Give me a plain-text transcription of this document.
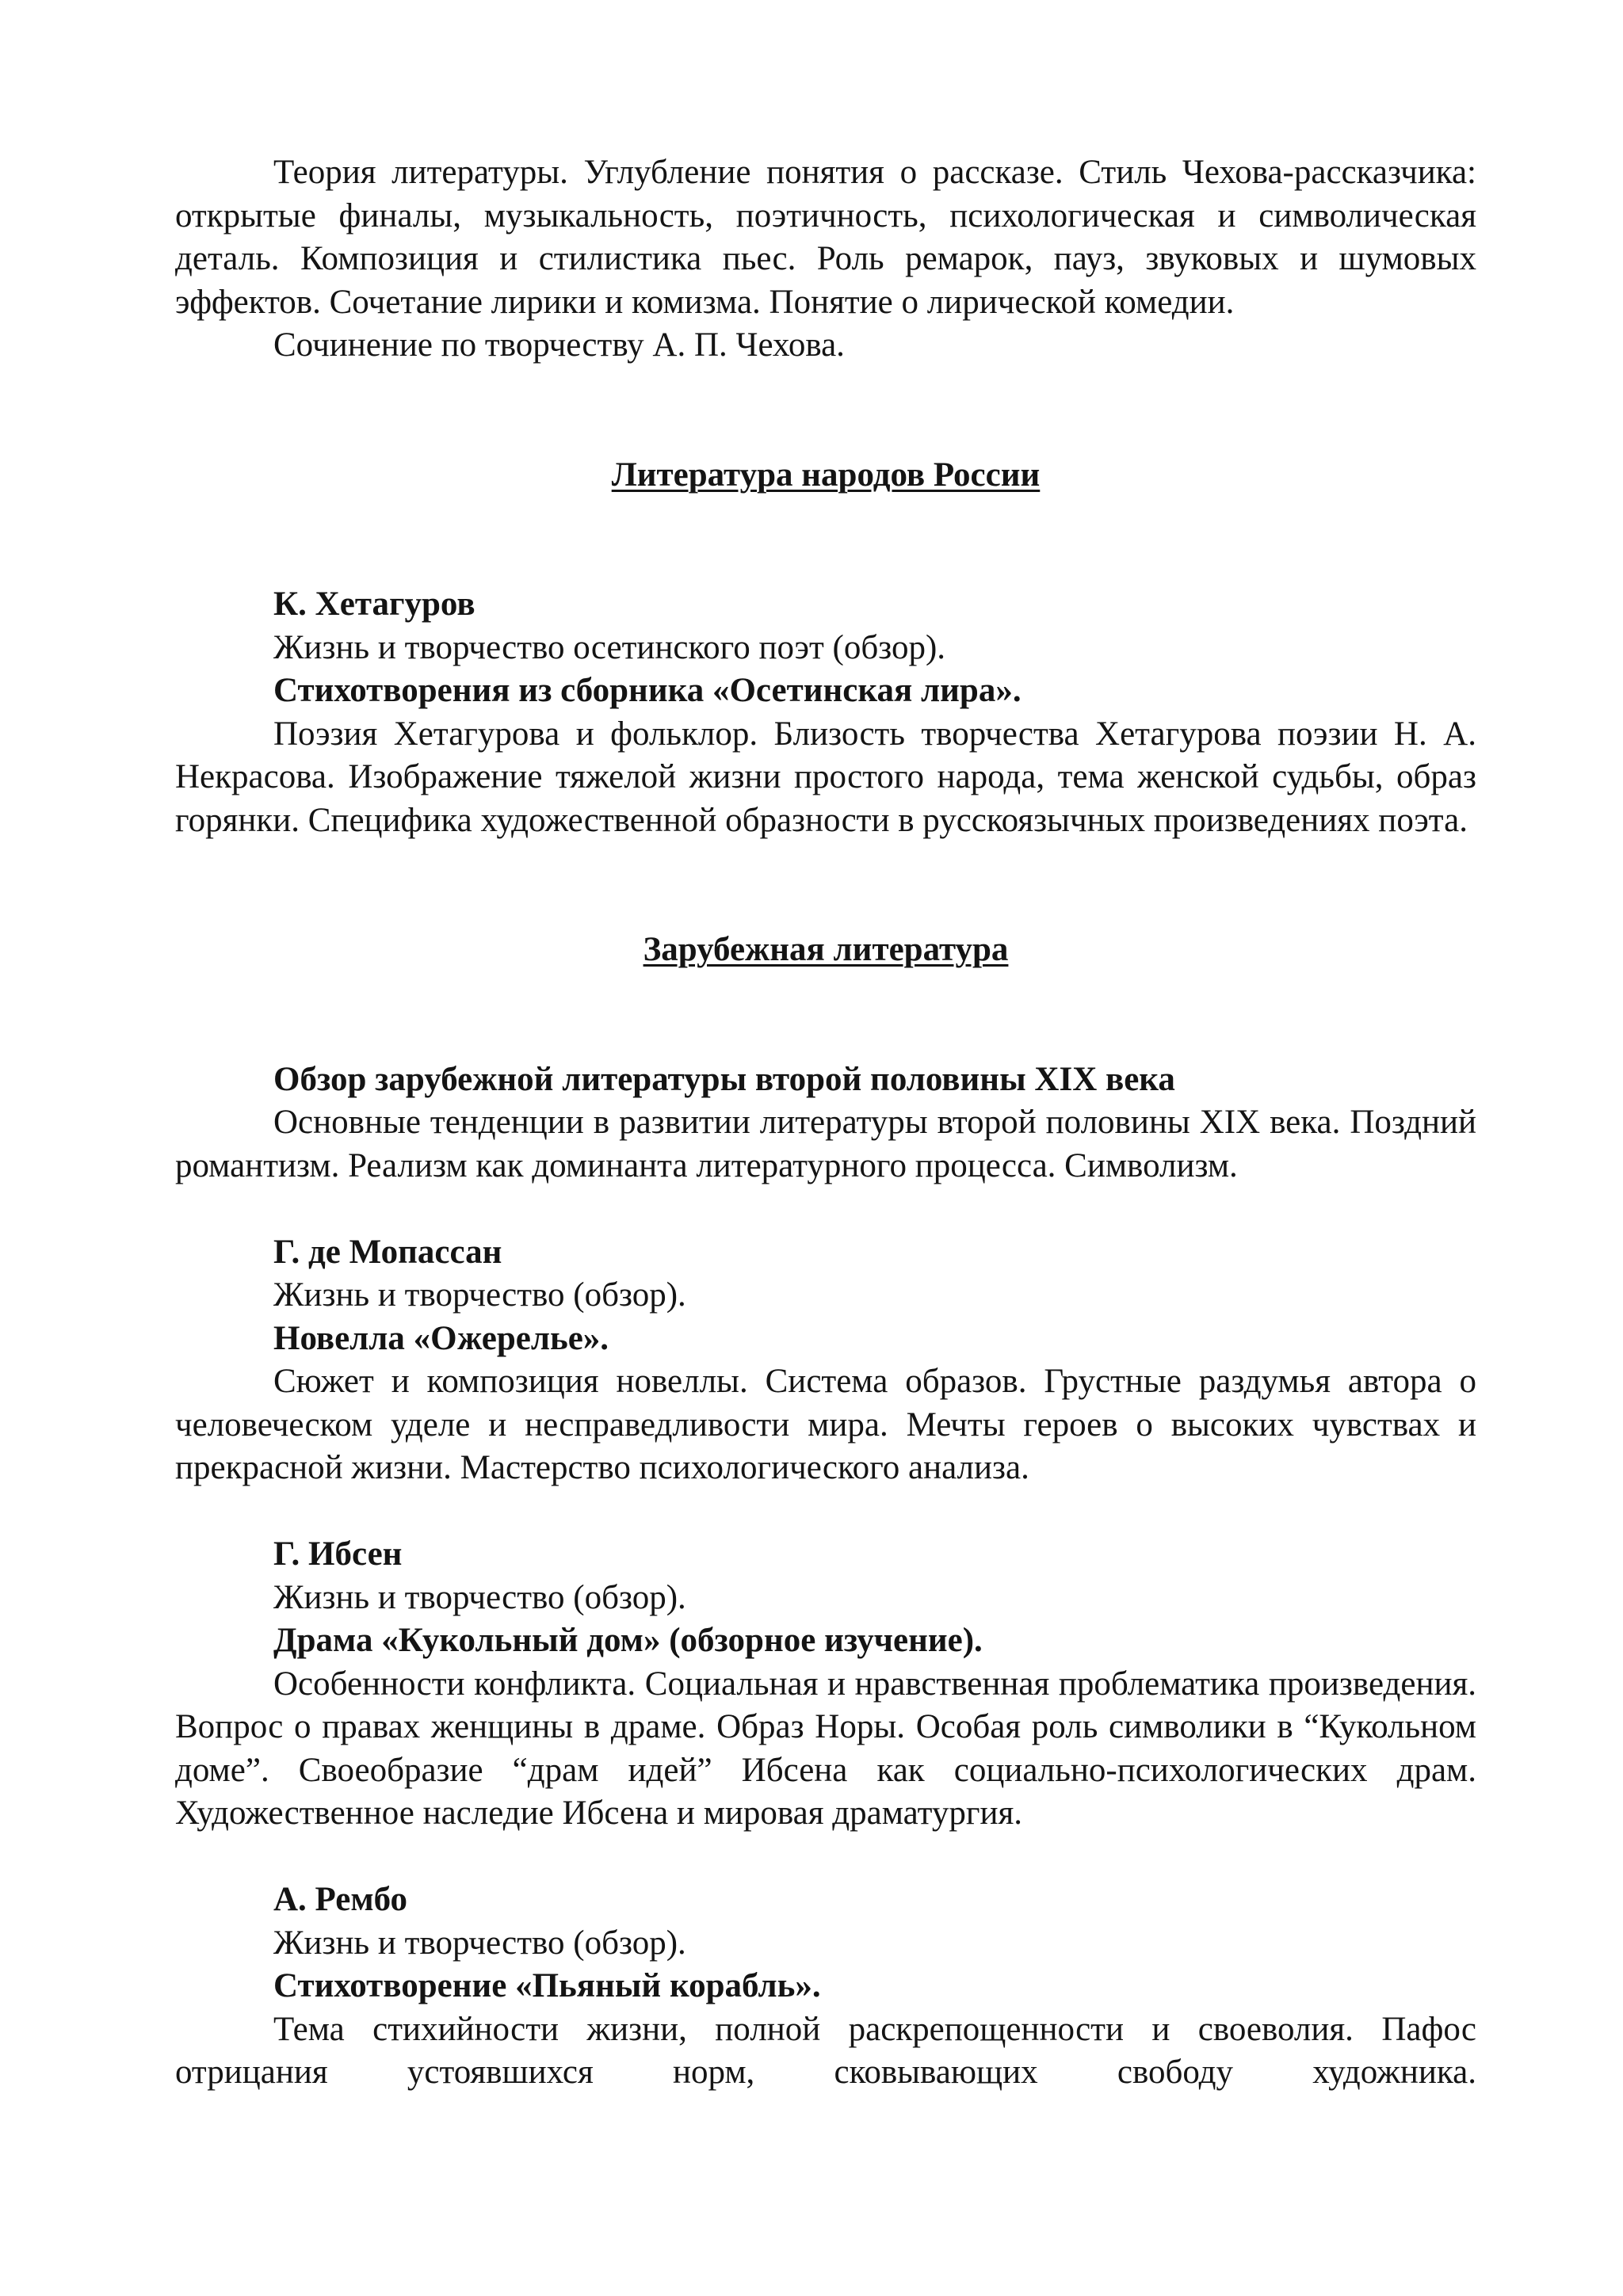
Теория литературы. Углубление понятия о рассказе. Стиль Чехова-рассказчика: открытые финалы, музыкальность, поэтичность, психологическая и символическая деталь. Композиция и стилистика пьес. Роль ремарок, пауз, звуковых и шумовых эффектов. Сочетание лирики и комизма. Понятие о лирической комедии.

Сочинение по творчеству А. П. Чехова.

Литература народов России

К. Хетагуров

Жизнь и творчество осетинского поэт (обзор).

Стихотворения из сборника «Осетинская лира».

Поэзия Хетагурова и фольклор. Близость творчества Хетагурова поэзии Н. А. Некрасова. Изображение тяжелой жизни простого народа, тема женской судьбы, образ горянки. Специфика художественной образности в русскоязычных произведениях поэта.

Зарубежная литература

Обзор зарубежной литературы второй половины XIX века

Основные тенденции в развитии литературы второй половины XIX века. Поздний романтизм. Реализм как доминанта литературного процесса. Символизм.

Г. де Мопассан

Жизнь и творчество (обзор).

Новелла «Ожерелье».

Сюжет и композиция новеллы. Система образов. Грустные раздумья автора о человеческом уделе и несправедливости мира. Мечты героев о высоких чувствах и прекрасной жизни. Мастерство психологического анализа.

Г. Ибсен

Жизнь и творчество (обзор).

Драма «Кукольный дом» (обзорное изучение).

Особенности конфликта. Социальная и нравственная проблематика произведения. Вопрос о правах женщины в драме. Образ Норы. Особая роль символики в “Кукольном доме”. Своеобразие “драм идей” Ибсена как социально-психологических драм. Художественное наследие Ибсена и мировая драматургия.

А. Рембо

Жизнь и творчество (обзор).

Стихотворение «Пьяный корабль».

Тема стихийности жизни, полной раскрепощенности и своеволия. Пафос отрицания устоявшихся норм, сковывающих свободу художника.
